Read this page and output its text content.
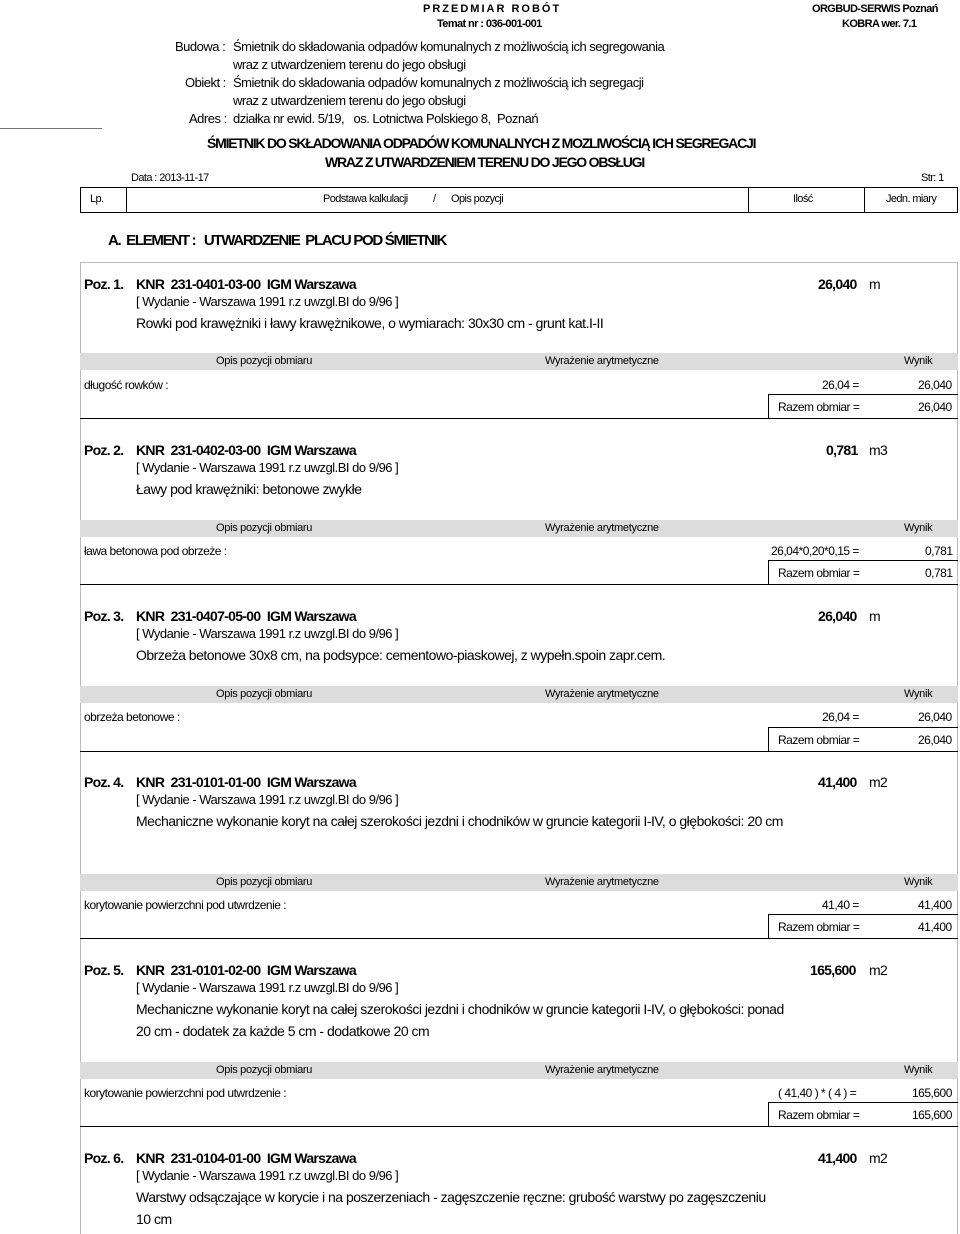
PRZEDMIAR ROBÓT
Temat nr : 036-001-001
ORGBUD-SERWIS Poznań
KOBRA wer. 7.1
Budowa : Śmietnik do składowania odpadów komunalnych z możliwością ich segregowania
wraz z utwardzeniem terenu do jego obsługi
Obiekt : Śmietnik do składowania odpadów komunalnych z możliwością ich segregacji
wraz z utwardzeniem terenu do jego obsługi
Adres : działka nr ewid. 5/19,   os. Lotnictwa Polskiego 8,  Poznań
ŚMIETNIK DO SKŁADOWANIA ODPADÓW KOMUNALNYCH Z MOZLIWOŚCIĄ ICH SEGREGACJI
WRAZ Z UTWARDZENIEM TERENU DO JEGO OBSŁUGI
Data : 2013-11-17	Str: 1
Lp.	Podstawa kalkulacji / Opis pozycji	Ilość	Jedn. miary
A.  ELEMENT :   UTWARDZENIE  PLACU POD ŚMIETNIK
Poz. 1. KNR  231-0401-03-00  IGM Warszawa	26,040 m
[ Wydanie - Warszawa 1991 r.z uwzgl.BI do 9/96 ]
Rowki pod krawężniki i ławy krawężnikowe, o wymiarach: 30x30 cm - grunt kat.I-II
Opis pozycji obmiaru	Wyrażenie arytmetyczne	Wynik
długość rowków :	26,04 =	26,040
Razem obmiar =	26,040
Poz. 2. KNR  231-0402-03-00  IGM Warszawa	0,781 m3
[ Wydanie - Warszawa 1991 r.z uwzgl.BI do 9/96 ]
Ławy pod krawężniki: betonowe zwykłe
Opis pozycji obmiaru	Wyrażenie arytmetyczne	Wynik
ława betonowa pod obrzeże :	26,04*0,20*0,15 =	0,781
Razem obmiar =	0,781
Poz. 3. KNR  231-0407-05-00  IGM Warszawa	26,040 m
[ Wydanie - Warszawa 1991 r.z uwzgl.BI do 9/96 ]
Obrzeża betonowe 30x8 cm, na podsypce: cementowo-piaskowej, z wypełn.spoin zapr.cem.
Opis pozycji obmiaru	Wyrażenie arytmetyczne	Wynik
obrzeża betonowe :	26,04 =	26,040
Razem obmiar =	26,040
Poz. 4. KNR  231-0101-01-00  IGM Warszawa	41,400 m2
[ Wydanie - Warszawa 1991 r.z uwzgl.BI do 9/96 ]
Mechaniczne wykonanie koryt na całej szerokości jezdni i chodników w gruncie kategorii I-IV, o głębokości: 20 cm
Opis pozycji obmiaru	Wyrażenie arytmetyczne	Wynik
korytowanie powierzchni pod utwrdzenie :	41,40 =	41,400
Razem obmiar =	41,400
Poz. 5. KNR  231-0101-02-00  IGM Warszawa	165,600 m2
[ Wydanie - Warszawa 1991 r.z uwzgl.BI do 9/96 ]
Mechaniczne wykonanie koryt na całej szerokości jezdni i chodników w gruncie kategorii I-IV, o głębokości: ponad 20 cm - dodatek za każde 5 cm - dodatkowe 20 cm
Opis pozycji obmiaru	Wyrażenie arytmetyczne	Wynik
korytowanie powierzchni pod utwrdzenie :	( 41,40 ) * ( 4 ) =	165,600
Razem obmiar =	165,600
Poz. 6. KNR  231-0104-01-00  IGM Warszawa	41,400 m2
[ Wydanie - Warszawa 1991 r.z uwzgl.BI do 9/96 ]
Warstwy odsączające w korycie i na poszerzeniach - zagęszczenie ręczne: grubość warstwy po zagęszczeniu 10 cm
